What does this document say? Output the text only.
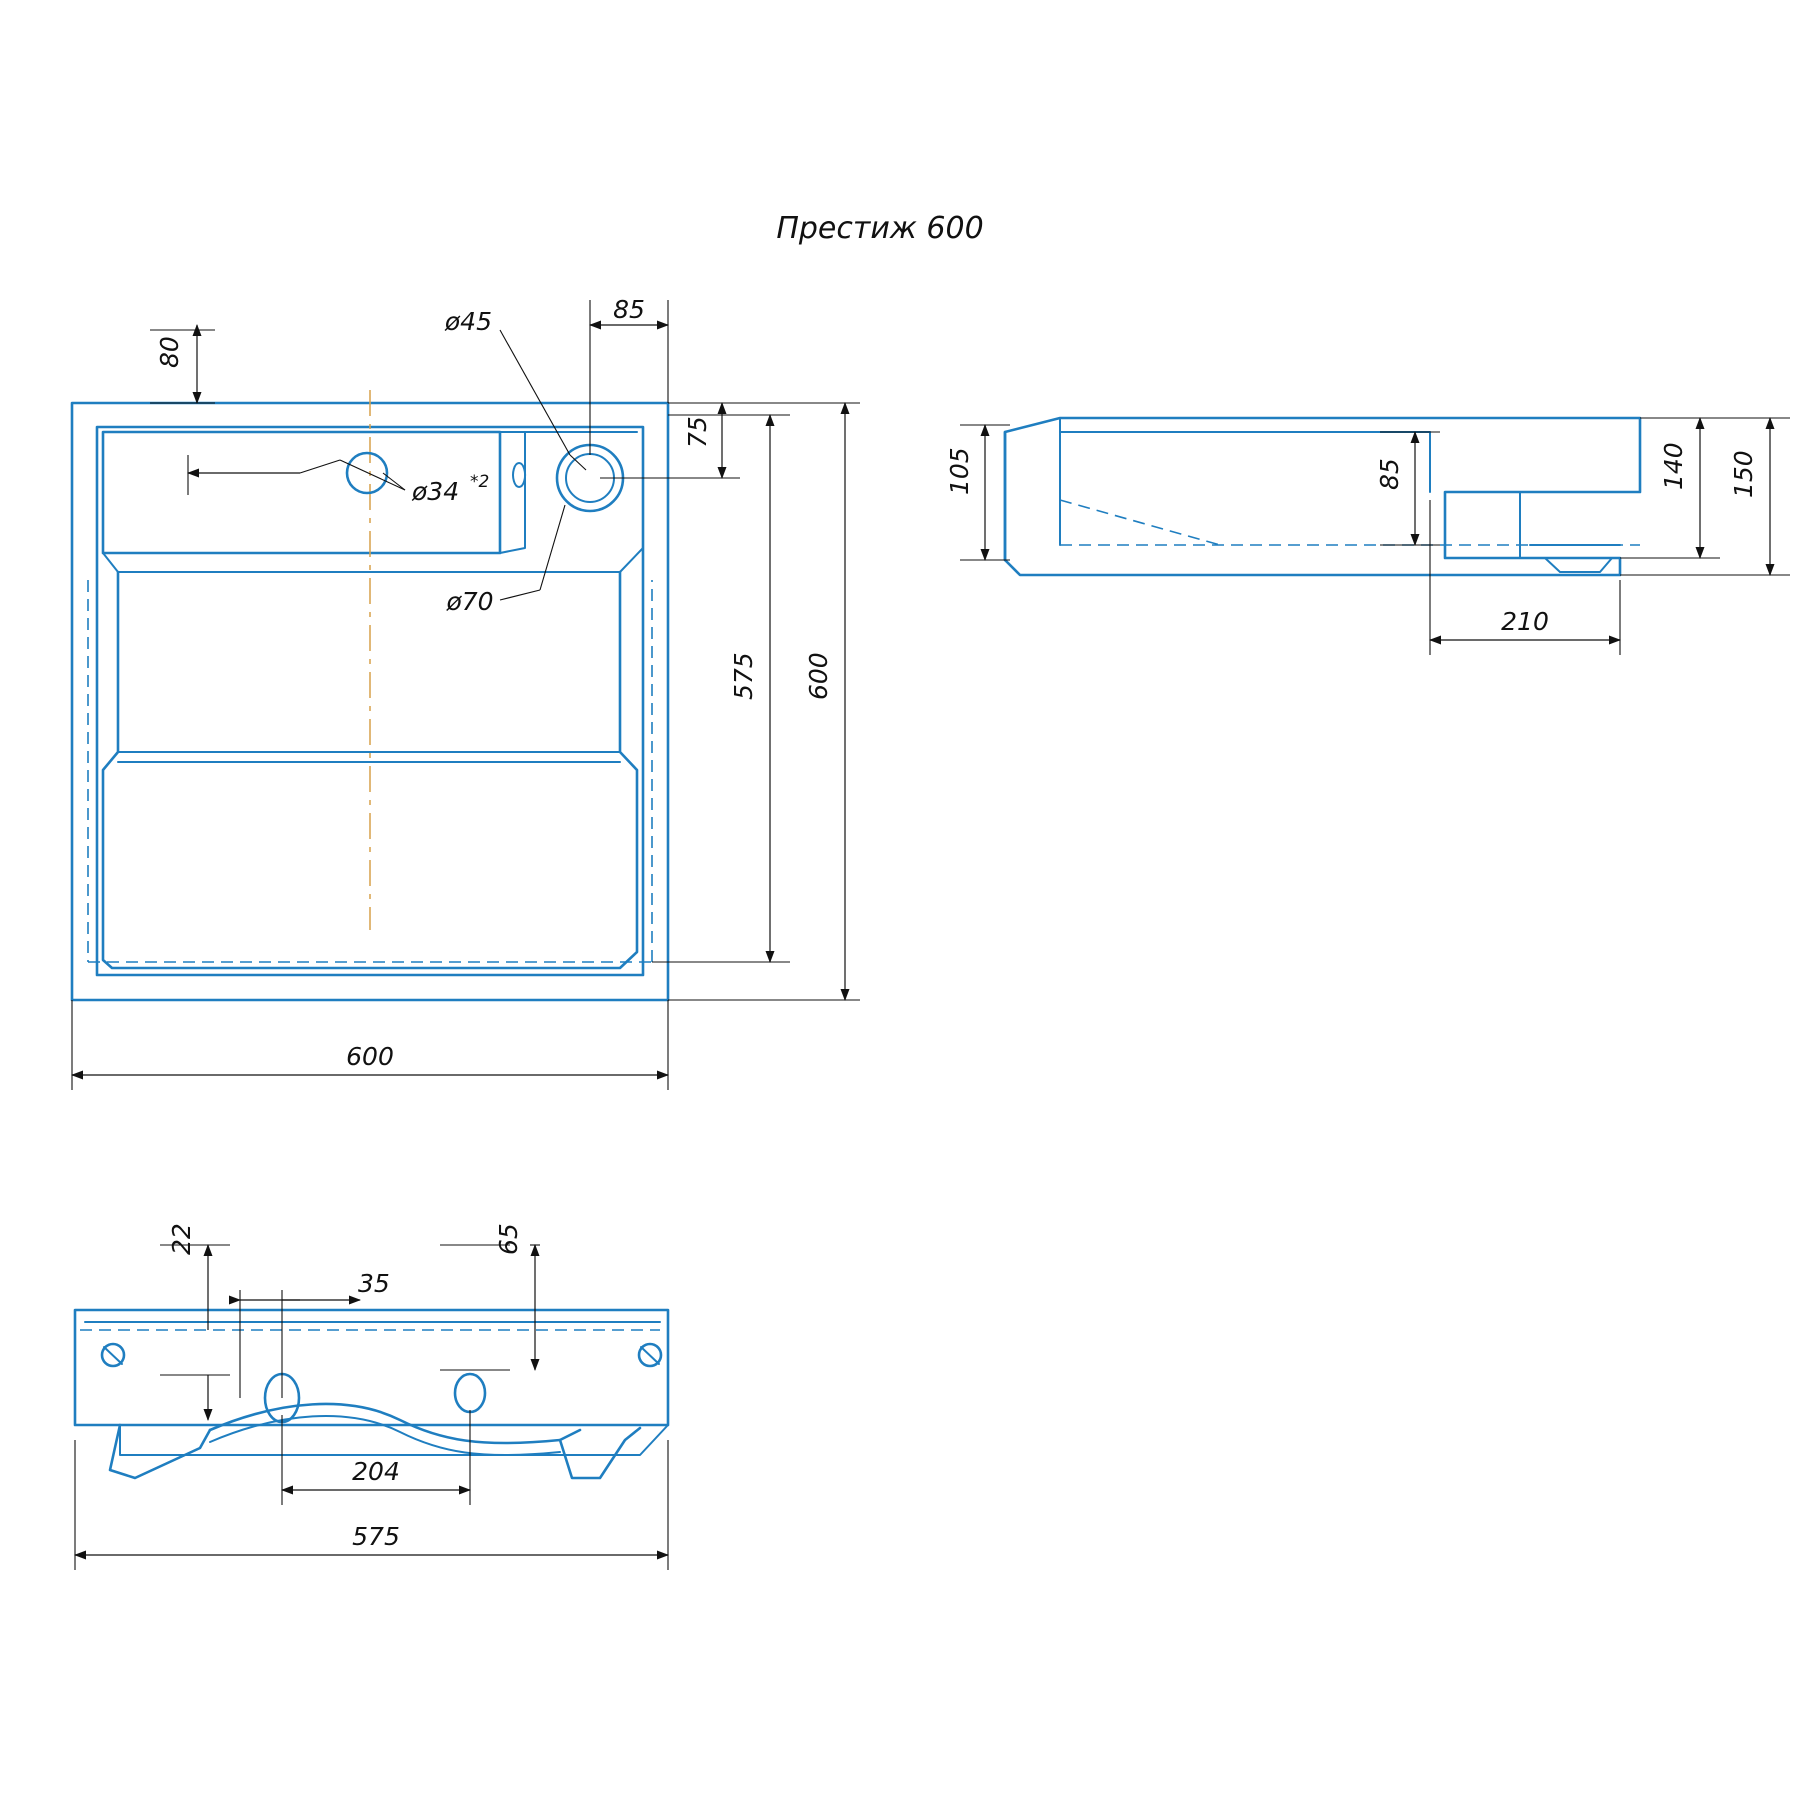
80
ø45	85
75
ø34 *2
ø70
575 600
600
105	85	140 150
210
22
35
65
204
575
Престиж 600
